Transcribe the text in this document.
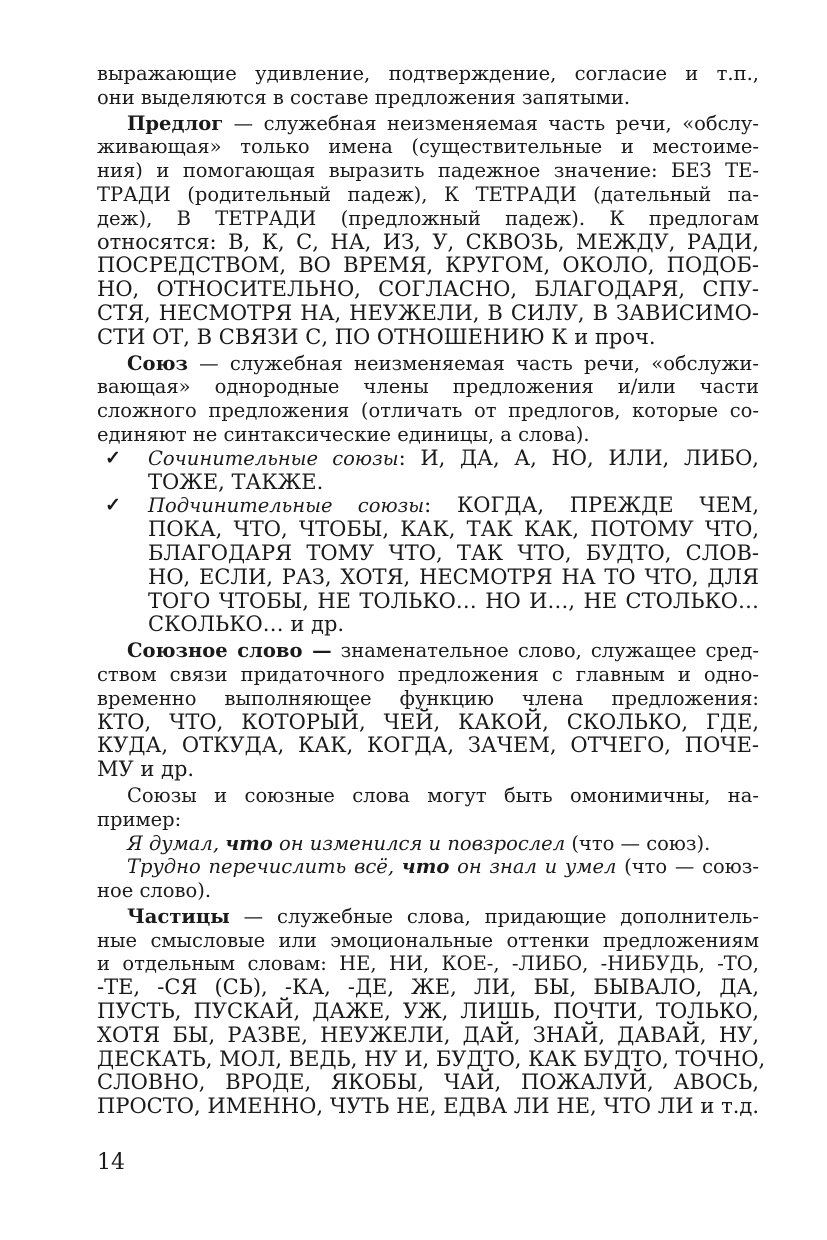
выражающие удивление, подтверждение, согласие и т.п.,
они выделяются в составе предложения запятыми.
Предлог — служебная неизменяемая часть речи, «обслу-
живающая» только имена (существительные и местоиме-
ния) и помогающая выразить падежное значение: БЕЗ ТЕ-
ТРАДИ (родительный падеж), К ТЕТРАДИ (дательный па-
деж), В ТЕТРАДИ (предложный падеж). К предлогам
относятся: В, К, С, НА, ИЗ, У, СКВОЗЬ, МЕЖДУ, РАДИ,
ПОСРЕДСТВОМ, ВО ВРЕМЯ, КРУГОМ, ОКОЛО, ПОДОБ-
НО, ОТНОСИТЕЛЬНО, СОГЛАСНО, БЛАГОДАРЯ, СПУ-
СТЯ, НЕСМОТРЯ НА, НЕУЖЕЛИ, В СИЛУ, В ЗАВИСИМО-
СТИ ОТ, В СВЯЗИ С, ПО ОТНОШЕНИЮ К и проч.
Союз — служебная неизменяемая часть речи, «обслужи-
вающая» однородные члены предложения и/или части
сложного предложения (отличать от предлогов, которые со-
единяют не синтаксические единицы, а слова).
✓	Сочинительные союзы: И, ДА, А, НО, ИЛИ, ЛИБО,
ТОЖЕ, ТАКЖЕ.
✓	Подчинительные союзы: КОГДА, ПРЕЖДЕ ЧЕМ,
ПОКА, ЧТО, ЧТОБЫ, КАК, ТАК КАК, ПОТОМУ ЧТО,
БЛАГОДАРЯ ТОМУ ЧТО, ТАК ЧТО, БУДТО, СЛОВ-
НО, ЕСЛИ, РАЗ, ХОТЯ, НЕСМОТРЯ НА ТО ЧТО, ДЛЯ
ТОГО ЧТОБЫ, НЕ ТОЛЬКО… НО И…, НЕ СТОЛЬКО…
СКОЛЬКО… и др.
Союзное слово — знаменательное слово, служащее сред-
ством связи придаточного предложения с главным и одно-
временно выполняющее функцию члена предложения:
КТО, ЧТО, КОТОРЫЙ, ЧЕЙ, КАКОЙ, СКОЛЬКО, ГДЕ,
КУДА, ОТКУДА, КАК, КОГДА, ЗАЧЕМ, ОТЧЕГО, ПОЧЕ-
МУ и др.
Союзы и союзные слова могут быть омонимичны, на-
пример:
Я думал, что он изменился и повзрослел (что — союз).
Трудно перечислить всё, что он знал и умел (что — союз-
ное слово).
Частицы — служебные слова, придающие дополнитель-
ные смысловые или эмоциональные оттенки предложениям
и отдельным словам: НЕ, НИ, КОЕ-, -ЛИБО, -НИБУДЬ, -ТО,
-ТЕ, -СЯ (СЬ), -КА, -ДЕ, ЖЕ, ЛИ, БЫ, БЫВАЛО, ДА,
ПУСТЬ, ПУСКАЙ, ДАЖЕ, УЖ, ЛИШЬ, ПОЧТИ, ТОЛЬКО,
ХОТЯ БЫ, РАЗВЕ, НЕУЖЕЛИ, ДАЙ, ЗНАЙ, ДАВАЙ, НУ,
ДЕСКАТЬ, МОЛ, ВЕДЬ, НУ И, БУДТО, КАК БУДТО, ТОЧНО,
СЛОВНО, ВРОДЕ, ЯКОБЫ, ЧАЙ, ПОЖАЛУЙ, АВОСЬ,
ПРОСТО, ИМЕННО, ЧУТЬ НЕ, ЕДВА ЛИ НЕ, ЧТО ЛИ и т.д.
14
